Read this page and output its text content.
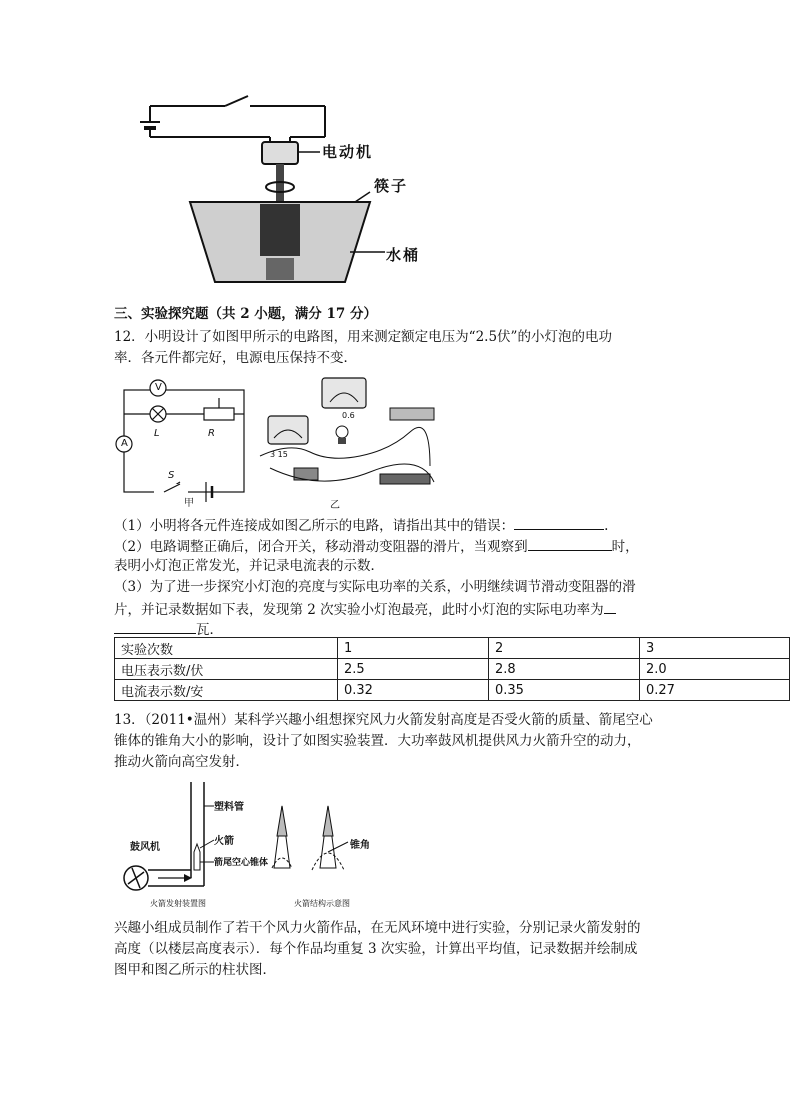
电动机
筷子
水桶
三、实验探究题（共 2 小题，满分 17 分）
12．小明设计了如图甲所示的电路图，用来测定额定电压为“2.5伏”的小灯泡的电功
率．各元件都完好，电源电压保持不变．
V
L	R
A
S
甲
3 15
0.6
乙
（1）小明将各元件连接成如图乙所示的电路，请指出其中的错误：	.
（2）电路调整正确后，闭合开关，移动滑动变阻器的滑片，当观察到	时，
表明小灯泡正常发光，并记录电流表的示数．
（3）为了进一步探究小灯泡的亮度与实际电功率的关系，小明继续调节滑动变阻器的滑
片，并记录数据如下表，发现第 2 次实验小灯泡最亮，此时小灯泡的实际电功率为
瓦．
实验次数	1	2	3
电压表示数/伏	2.5	2.8	2.0
电流表示数/安	0.32	0.35	0.27
13．（2011•温州）某科学兴趣小组想探究风力火箭发射高度是否受火箭的质量、箭尾空心
锥体的锥角大小的影响，设计了如图实验装置．大功率鼓风机提供风力火箭升空的动力，
推动火箭向高空发射．
塑料管
火箭
鼓风机
箭尾空心锥体
锥角
火箭发射装置图	火箭结构示意图
兴趣小组成员制作了若干个风力火箭作品，在无风环境中进行实验，分别记录火箭发射的
高度（以楼层高度表示）．每个作品均重复 3 次实验，计算出平均值，记录数据并绘制成
图甲和图乙所示的柱状图．
